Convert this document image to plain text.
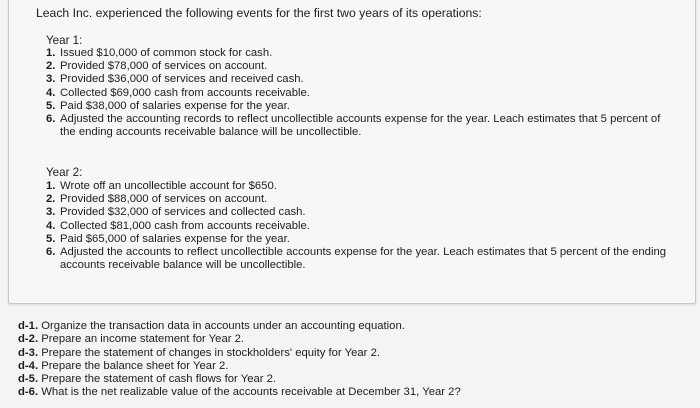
Leach Inc. experienced the following events for the first two years of its operations:
Year 1:
1. Issued $10,000 of common stock for cash.
2. Provided $78,000 of services on account.
3. Provided $36,000 of services and received cash.
4. Collected $69,000 cash from accounts receivable.
5. Paid $38,000 of salaries expense for the year.
6. Adjusted the accounting records to reflect uncollectible accounts expense for the year. Leach estimates that 5 percent of the ending accounts receivable balance will be uncollectible.
Year 2:
1. Wrote off an uncollectible account for $650.
2. Provided $88,000 of services on account.
3. Provided $32,000 of services and collected cash.
4. Collected $81,000 cash from accounts receivable.
5. Paid $65,000 of salaries expense for the year.
6. Adjusted the accounts to reflect uncollectible accounts expense for the year. Leach estimates that 5 percent of the ending accounts receivable balance will be uncollectible.
d-1. Organize the transaction data in accounts under an accounting equation.
d-2. Prepare an income statement for Year 2.
d-3. Prepare the statement of changes in stockholders' equity for Year 2.
d-4. Prepare the balance sheet for Year 2.
d-5. Prepare the statement of cash flows for Year 2.
d-6. What is the net realizable value of the accounts receivable at December 31, Year 2?
